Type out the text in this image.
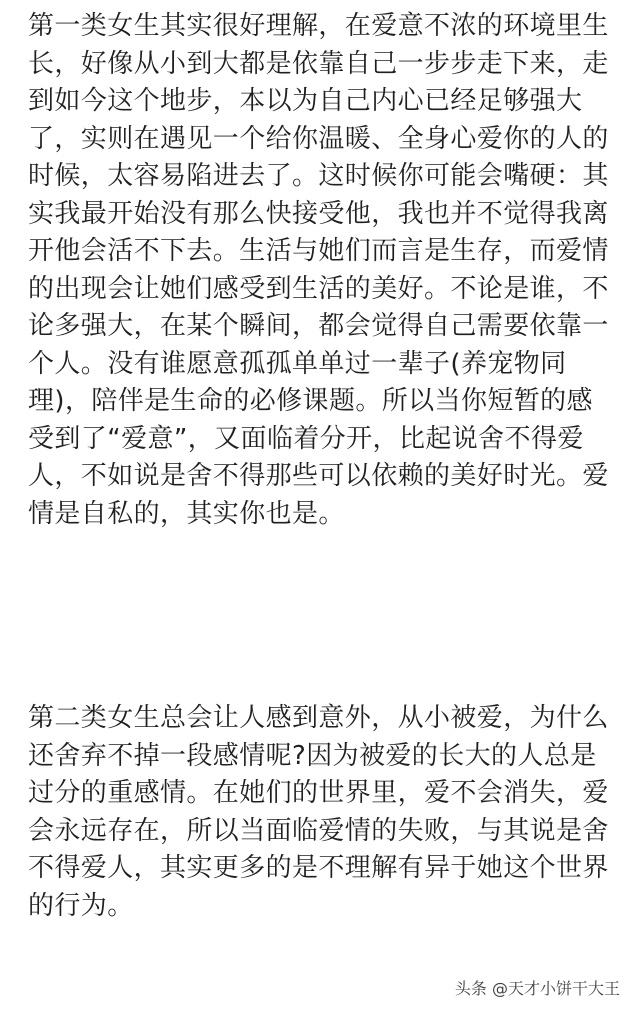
第一类女生其实很好理解，在爱意不浓的环境里生
长，好像从小到大都是依靠自己一步步走下来，走
到如今这个地步，本以为自己内心已经足够强大
了，实则在遇见一个给你温暖、全身心爱你的人的
时候，太容易陷进去了。这时候你可能会嘴硬：其
实我最开始没有那么快接受他，我也并不觉得我离
开他会活不下去。生活与她们而言是生存，而爱情
的出现会让她们感受到生活的美好。不论是谁，不
论多强大，在某个瞬间，都会觉得自己需要依靠一
个人。没有谁愿意孤孤单单过一辈子(养宠物同
理)，陪伴是生命的必修课题。所以当你短暂的感
受到了“爱意”，又面临着分开，比起说舍不得爱
人，不如说是舍不得那些可以依赖的美好时光。爱
情是自私的，其实你也是。
第二类女生总会让人感到意外，从小被爱，为什么
还舍弃不掉一段感情呢?因为被爱的长大的人总是
过分的重感情。在她们的世界里，爱不会消失，爱
会永远存在，所以当面临爱情的失败，与其说是舍
不得爱人，其实更多的是不理解有异于她这个世界
的行为。
头条 @天才小饼干大王
